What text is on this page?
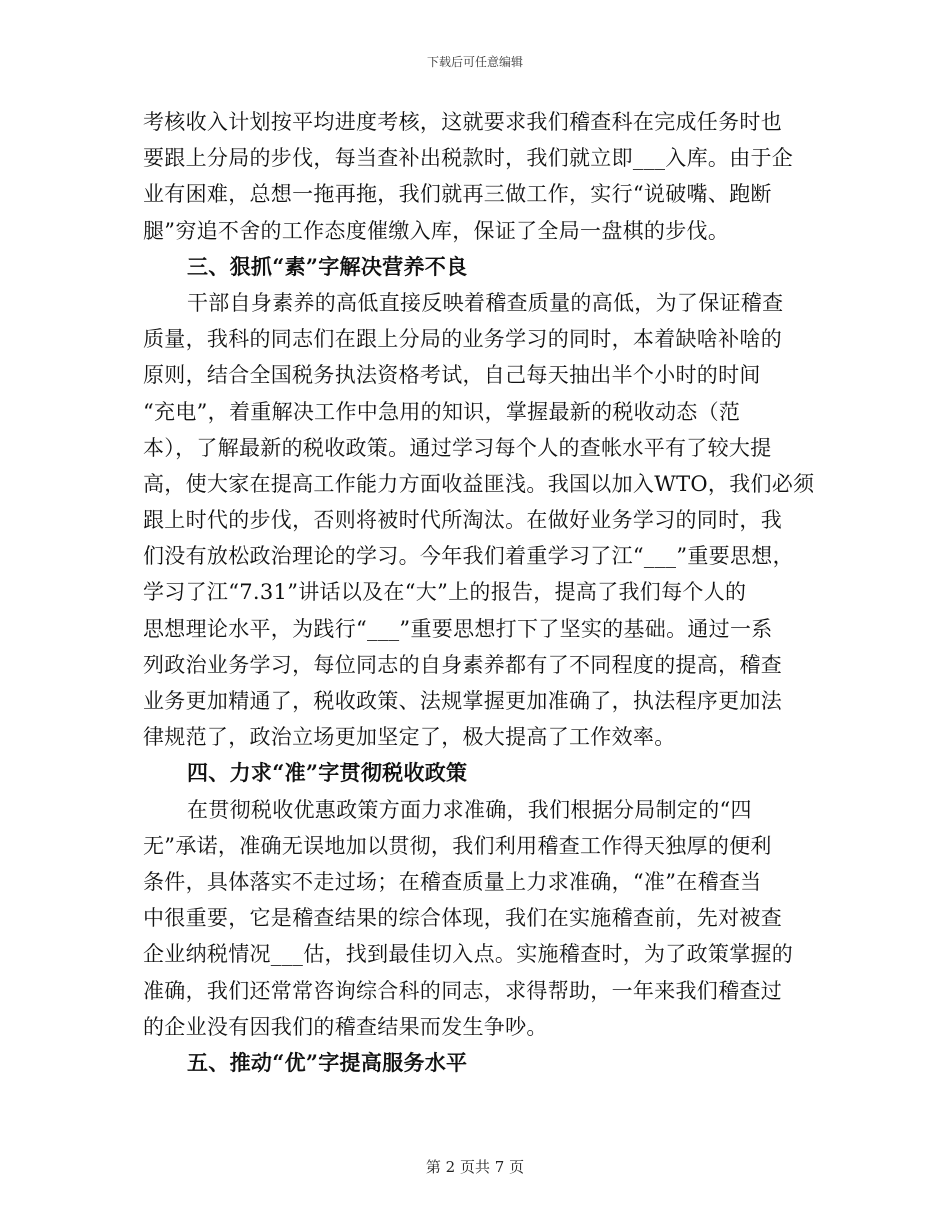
下载后可任意编辑
考核收入计划按平均进度考核，这就要求我们稽查科在完成任务时也
要跟上分局的步伐，每当查补出税款时，我们就立即___入库。由于企
业有困难，总想一拖再拖，我们就再三做工作，实行“说破嘴、跑断
腿”穷追不舍的工作态度催缴入库，保证了全局一盘棋的步伐。
三、狠抓“素”字解决营养不良
干部自身素养的高低直接反映着稽查质量的高低，为了保证稽查
质量，我科的同志们在跟上分局的业务学习的同时，本着缺啥补啥的
原则，结合全国税务执法资格考试，自己每天抽出半个小时的时间
“充电”，着重解决工作中急用的知识，掌握最新的税收动态（范
本），了解最新的税收政策。通过学习每个人的查帐水平有了较大提
高，使大家在提高工作能力方面收益匪浅。我国以加入WTO，我们必须
跟上时代的步伐，否则将被时代所淘汰。在做好业务学习的同时，我
们没有放松政治理论的学习。今年我们着重学习了江“___”重要思想，
学习了江“7.31”讲话以及在“大”上的报告，提高了我们每个人的
思想理论水平，为践行“___”重要思想打下了坚实的基础。通过一系
列政治业务学习，每位同志的自身素养都有了不同程度的提高，稽查
业务更加精通了，税收政策、法规掌握更加准确了，执法程序更加法
律规范了，政治立场更加坚定了，极大提高了工作效率。
四、力求“准”字贯彻税收政策
在贯彻税收优惠政策方面力求准确，我们根据分局制定的“四
无”承诺，准确无误地加以贯彻，我们利用稽查工作得天独厚的便利
条件，具体落实不走过场；在稽查质量上力求准确，“准”在稽查当
中很重要，它是稽查结果的综合体现，我们在实施稽查前，先对被查
企业纳税情况___估，找到最佳切入点。实施稽查时，为了政策掌握的
准确，我们还常常咨询综合科的同志，求得帮助，一年来我们稽查过
的企业没有因我们的稽查结果而发生争吵。
五、推动“优”字提高服务水平
第 2 页共 7 页
